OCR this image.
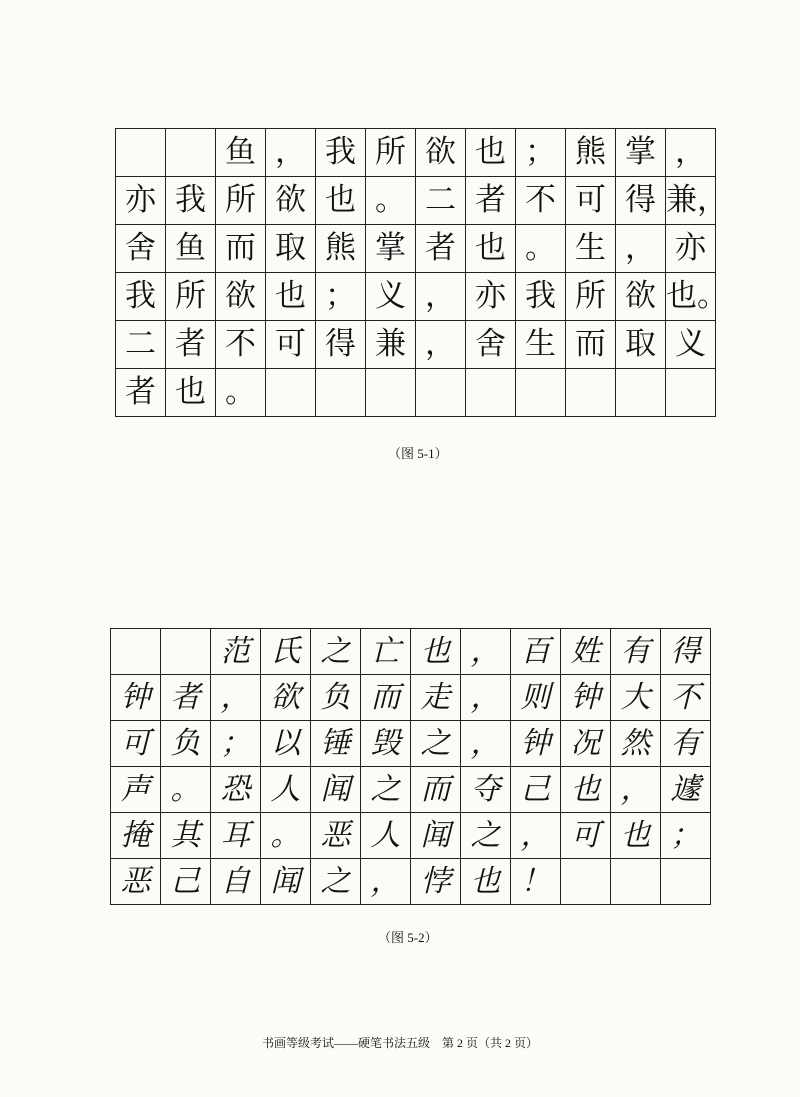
		鱼	，	我	所	欲	也	；	熊	掌	，
亦	我	所	欲	也	。	二	者	不	可	得	兼，
舍	鱼	而	取	熊	掌	者	也	。	生	，	亦
我	所	欲	也	；	义	，	亦	我	所	欲	也。
二	者	不	可	得	兼	，	舍	生	而	取	义
者	也	。									
（图 5-1）
		范	氏	之	亡	也	，	百	姓	有	得
钟	者	，	欲	负	而	走	，	则	钟	大	不
可	负	；	以	锤	毁	之	，	钟	况	然	有
声	。	恐	人	闻	之	而	夺	己	也	，	遽
掩	其	耳	。	恶	人	闻	之	，	可	也	；
恶	己	自	闻	之	，	悖	也	！			
（图 5-2）
书画等级考试——硬笔书法五级　第 2 页（共 2 页）
